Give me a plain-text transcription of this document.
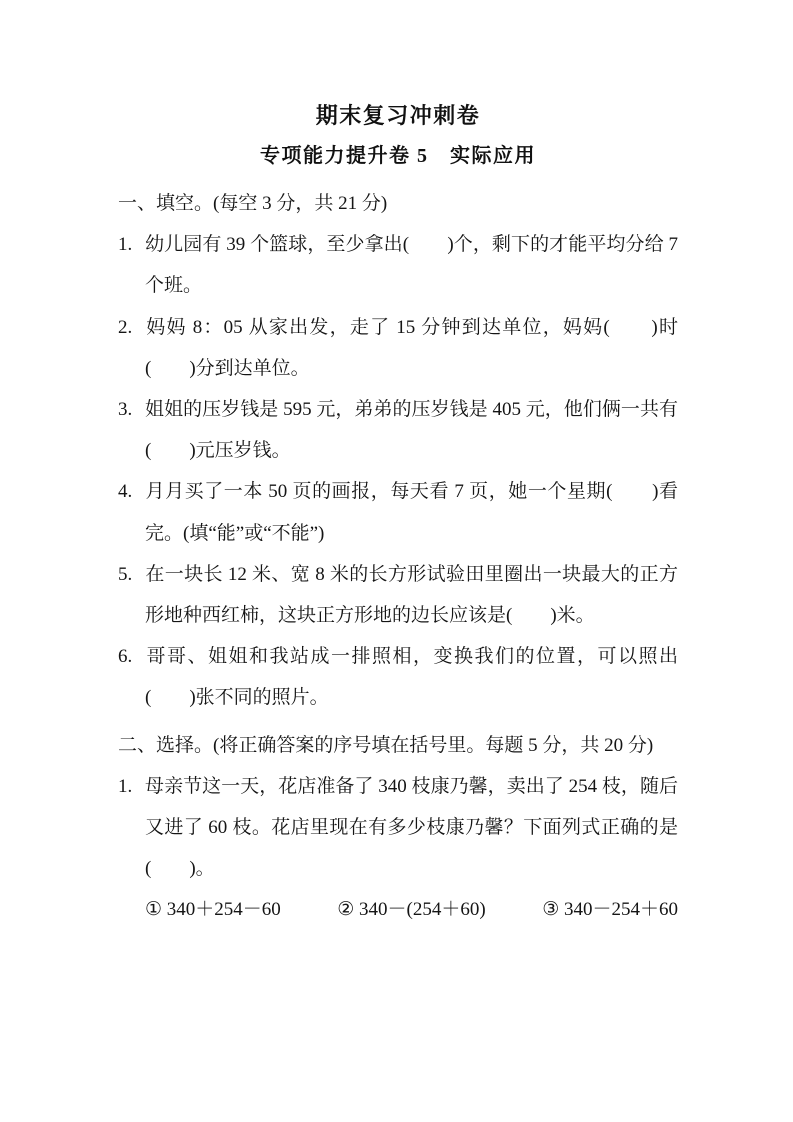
期末复习冲刺卷
专项能力提升卷 5　实际应用
一、填空。(每空 3 分，共 21 分)
1. 幼儿园有 39 个篮球，至少拿出(　　)个，剩下的才能平均分给 7 个班。
2. 妈妈 8：05 从家出发，走了 15 分钟到达单位，妈妈(　　)时(　　)分到达单位。
3. 姐姐的压岁钱是 595 元，弟弟的压岁钱是 405 元，他们俩一共有(　　)元压岁钱。
4. 月月买了一本 50 页的画报，每天看 7 页，她一个星期(　　)看完。(填“能”或“不能”)
5. 在一块长 12 米、宽 8 米的长方形试验田里圈出一块最大的正方形地种西红柿，这块正方形地的边长应该是(　　)米。
6. 哥哥、姐姐和我站成一排照相，变换我们的位置，可以照出(　　)张不同的照片。
二、选择。(将正确答案的序号填在括号里。每题 5 分，共 20 分)
1. 母亲节这一天，花店准备了 340 枝康乃馨，卖出了 254 枝，随后又进了 60 枝。花店里现在有多少枝康乃馨？下面列式正确的是(　　)。
① 340＋254－60	② 340－(254＋60)	③ 340－254＋60
